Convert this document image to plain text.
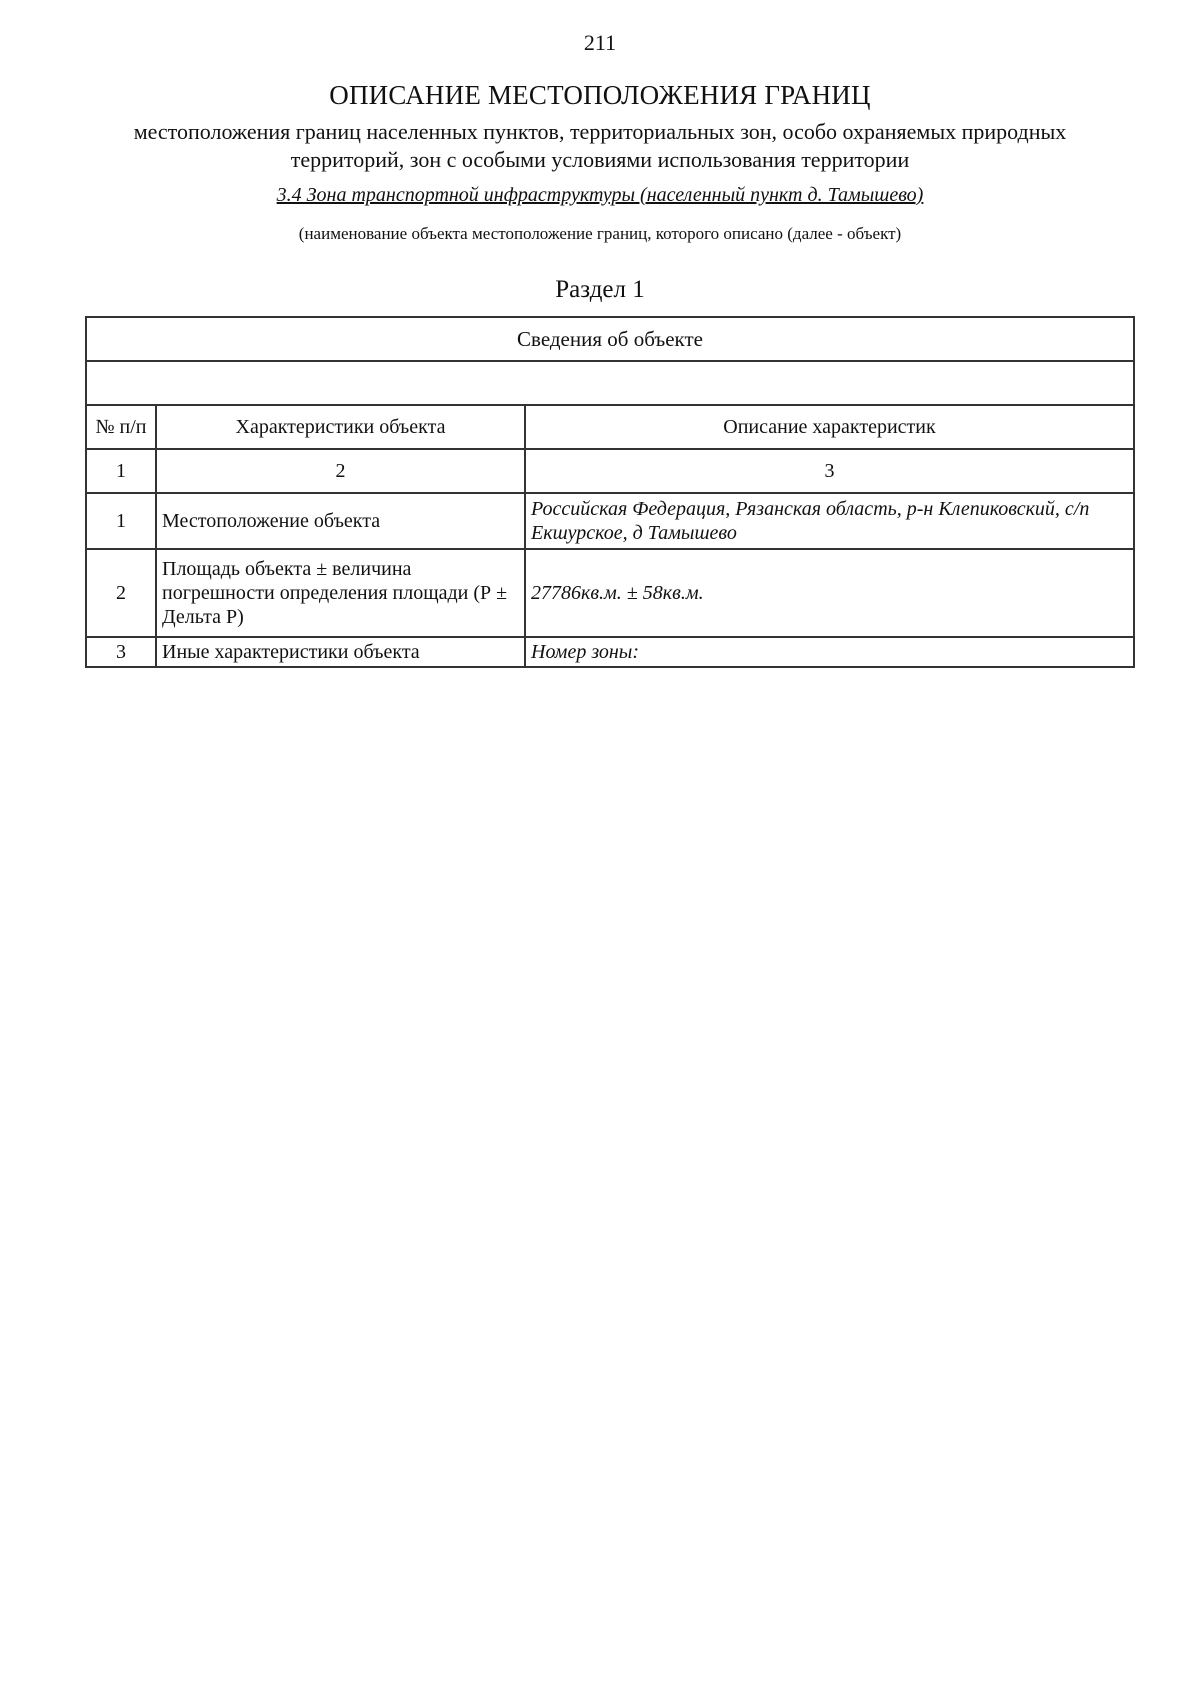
211
ОПИСАНИЕ МЕСТОПОЛОЖЕНИЯ ГРАНИЦ
местоположения границ населенных пунктов, территориальных зон, особо охраняемых природных
территорий, зон с особыми условиями использования территории
3.4 Зона транспортной инфраструктуры (населенный пункт д. Тамышево)
(наименование объекта местоположение границ, которого описано (далее - объект)
Раздел 1
Сведения об объекте		

№ п/п	Характеристики объекта	Описание характеристик
1	2	3
1	Местоположение объекта	Российская Федерация, Рязанская область, р-н Клепиковский, с/п Екшурское, д Тамышево
2	Площадь объекта ± величина погрешности определения площади (Р ± Дельта Р)	27786кв.м. ± 58кв.м.
3	Иные характеристики объекта	Номер зоны:
